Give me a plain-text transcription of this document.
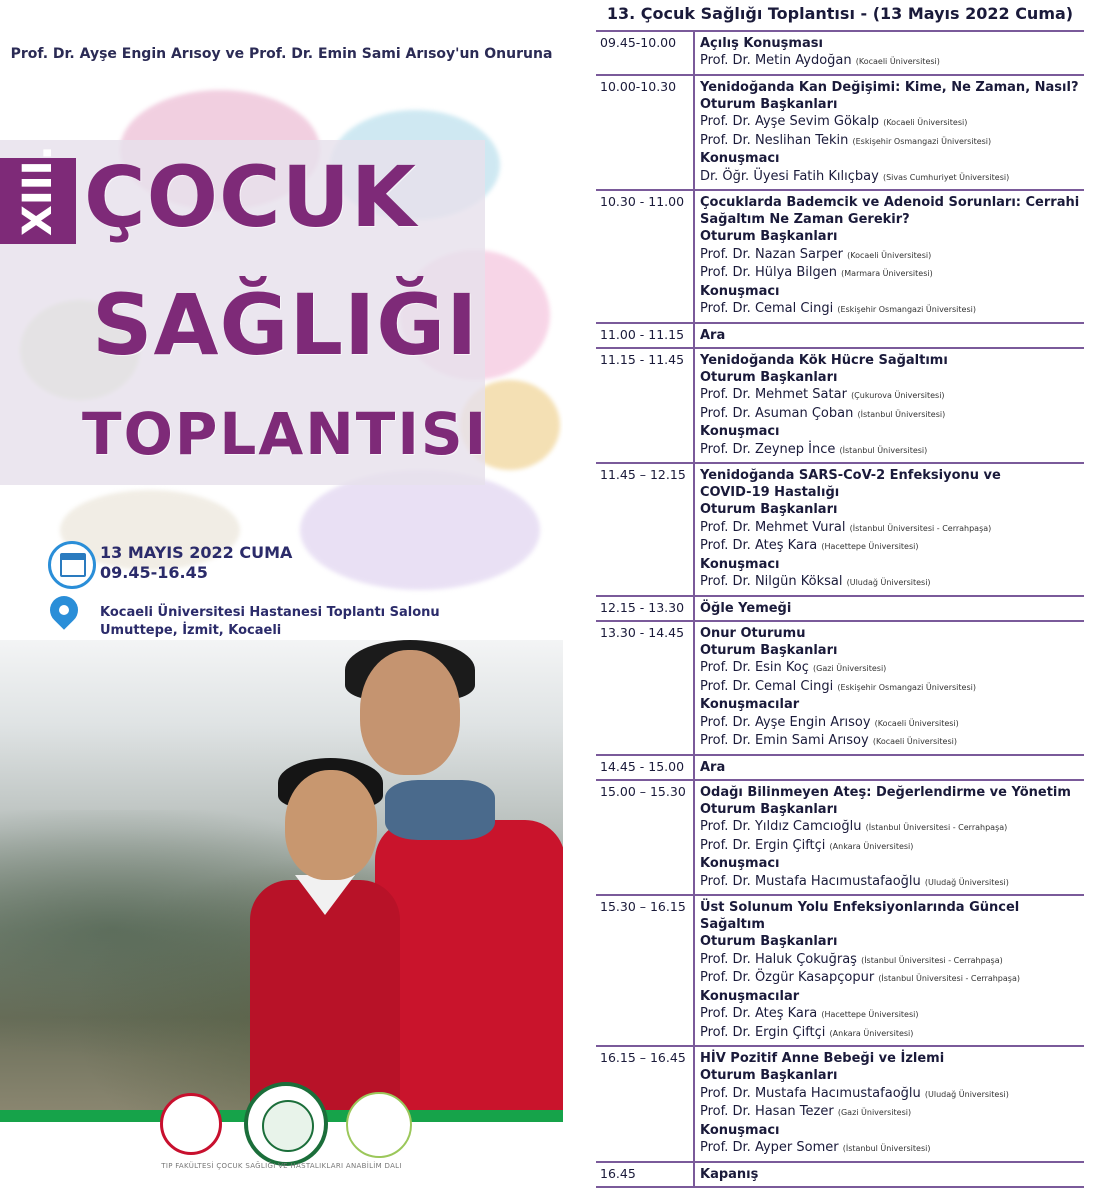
Prof. Dr. Ayşe Engin Arısoy ve Prof. Dr. Emin Sami Arısoy'un Onuruna
XIII. ÇOCUK
SAĞLIĞI
TOPLANTISI
13 MAYIS 2022 CUMA
09.45-16.45
Kocaeli Üniversitesi Hastanesi Toplantı Salonu
Umuttepe, İzmit, Kocaeli
TIP FAKÜLTESİ ÇOCUK SAĞLIĞI VE HASTALIKLARI ANABİLİM DALI
13. Çocuk Sağlığı Toplantısı - (13 Mayıs 2022 Cuma)
09.45-10.00	Açılış Konuşması
Prof. Dr. Metin Aydoğan (Kocaeli Üniversitesi)
10.00-10.30	Yenidoğanda Kan Değişimi: Kime, Ne Zaman, Nasıl?
Oturum Başkanları
Prof. Dr. Ayşe Sevim Gökalp (Kocaeli Üniversitesi)
Prof. Dr. Neslihan Tekin (Eskişehir Osmangazi Üniversitesi)
Konuşmacı
Dr. Öğr. Üyesi Fatih Kılıçbay (Sivas Cumhuriyet Üniversitesi)
10.30 - 11.00	Çocuklarda Bademcik ve Adenoid Sorunları: Cerrahi
Sağaltım Ne Zaman Gerekir?
Oturum Başkanları
Prof. Dr. Nazan Sarper (Kocaeli Üniversitesi)
Prof. Dr. Hülya Bilgen (Marmara Üniversitesi)
Konuşmacı
Prof. Dr. Cemal Cingi (Eskişehir Osmangazi Üniversitesi)
11.00 - 11.15	Ara
11.15 - 11.45	Yenidoğanda Kök Hücre Sağaltımı
Oturum Başkanları
Prof. Dr. Mehmet Satar (Çukurova Üniversitesi)
Prof. Dr. Asuman Çoban (İstanbul Üniversitesi)
Konuşmacı
Prof. Dr. Zeynep İnce (İstanbul Üniversitesi)
11.45 – 12.15 Yenidoğanda SARS-CoV-2 Enfeksiyonu ve
COVID-19 Hastalığı
Oturum Başkanları
Prof. Dr. Mehmet Vural (İstanbul Üniversitesi - Cerrahpaşa)
Prof. Dr. Ateş Kara (Hacettepe Üniversitesi)
Konuşmacı
Prof. Dr. Nilgün Köksal (Uludağ Üniversitesi)
12.15 - 13.30	Öğle Yemeği
13.30 - 14.45	Onur Oturumu
Oturum Başkanları
Prof. Dr. Esin Koç (Gazi Üniversitesi)
Prof. Dr. Cemal Cingi (Eskişehir Osmangazi Üniversitesi)
Konuşmacılar
Prof. Dr. Ayşe Engin Arısoy (Kocaeli Üniversitesi)
Prof. Dr. Emin Sami Arısoy (Kocaeli Üniversitesi)
14.45 - 15.00	Ara
15.00 – 15.30 Odağı Bilinmeyen Ateş: Değerlendirme ve Yönetim
Oturum Başkanları
Prof. Dr. Yıldız Camcıoğlu (İstanbul Üniversitesi - Cerrahpaşa)
Prof. Dr. Ergin Çiftçi (Ankara Üniversitesi)
Konuşmacı
Prof. Dr. Mustafa Hacımustafaoğlu (Uludağ Üniversitesi)
15.30 – 16.15 Üst Solunum Yolu Enfeksiyonlarında Güncel Sağaltım
Oturum Başkanları
Prof. Dr. Haluk Çokuğraş (İstanbul Üniversitesi - Cerrahpaşa)
Prof. Dr. Özgür Kasapçopur (İstanbul Üniversitesi - Cerrahpaşa)
Konuşmacılar
Prof. Dr. Ateş Kara (Hacettepe Üniversitesi)
Prof. Dr. Ergin Çiftçi (Ankara Üniversitesi)
16.15 – 16.45 HİV Pozitif Anne Bebeği ve İzlemi
Oturum Başkanları
Prof. Dr. Mustafa Hacımustafaoğlu (Uludağ Üniversitesi)
Prof. Dr. Hasan Tezer (Gazi Üniversitesi)
Konuşmacı
Prof. Dr. Ayper Somer (İstanbul Üniversitesi)
16.45	Kapanış
